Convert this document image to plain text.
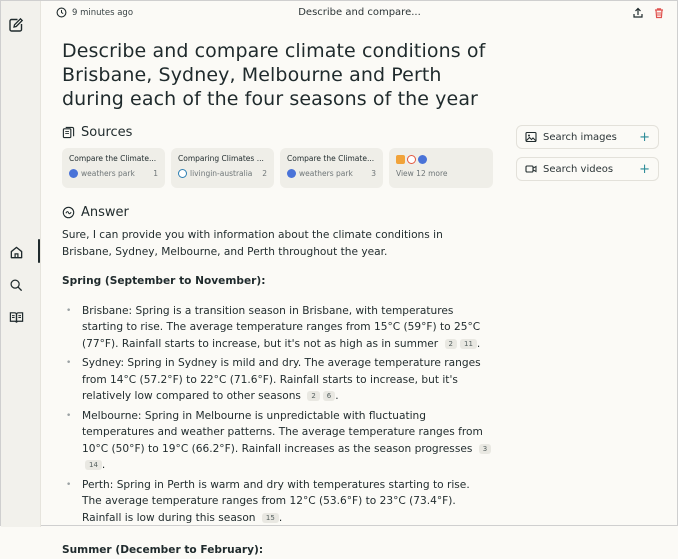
9 minutes ago	Describe and compare...
Describe and compare climate conditions of Brisbane, Sydney, Melbourne and Perth during each of the four seasons of the year
Sources
Compare the Climate...
weathers park 1
Comparing Climates ...
livingin-australia 2
Compare the Climate...
weathers park 3	View 12 more
Answer

Sure, I can provide you with information about the climate conditions in Brisbane, Sydney, Melbourne, and Perth throughout the year.

Spring (September to November):

• Brisbane: Spring is a transition season in Brisbane, with temperatures starting to rise. The average temperature ranges from 15°C (59°F) to 25°C (77°F). Rainfall starts to increase, but it's not as high as in summer 2 11 .
• Sydney: Spring in Sydney is mild and dry. The average temperature ranges from 14°C (57.2°F) to 22°C (71.6°F). Rainfall starts to increase, but it's relatively low compared to other seasons 2 6 .
• Melbourne: Spring in Melbourne is unpredictable with fluctuating temperatures and weather patterns. The average temperature ranges from 10°C (50°F) to 19°C (66.2°F). Rainfall increases as the season progresses 314 .
• Perth: Spring in Perth is warm and dry with temperatures starting to rise. The average temperature ranges from 12°C (53.6°F) to 23°C (73.4°F). Rainfall is low during this season 15 .

Summer (December to February):

Search images +
Search videos +
